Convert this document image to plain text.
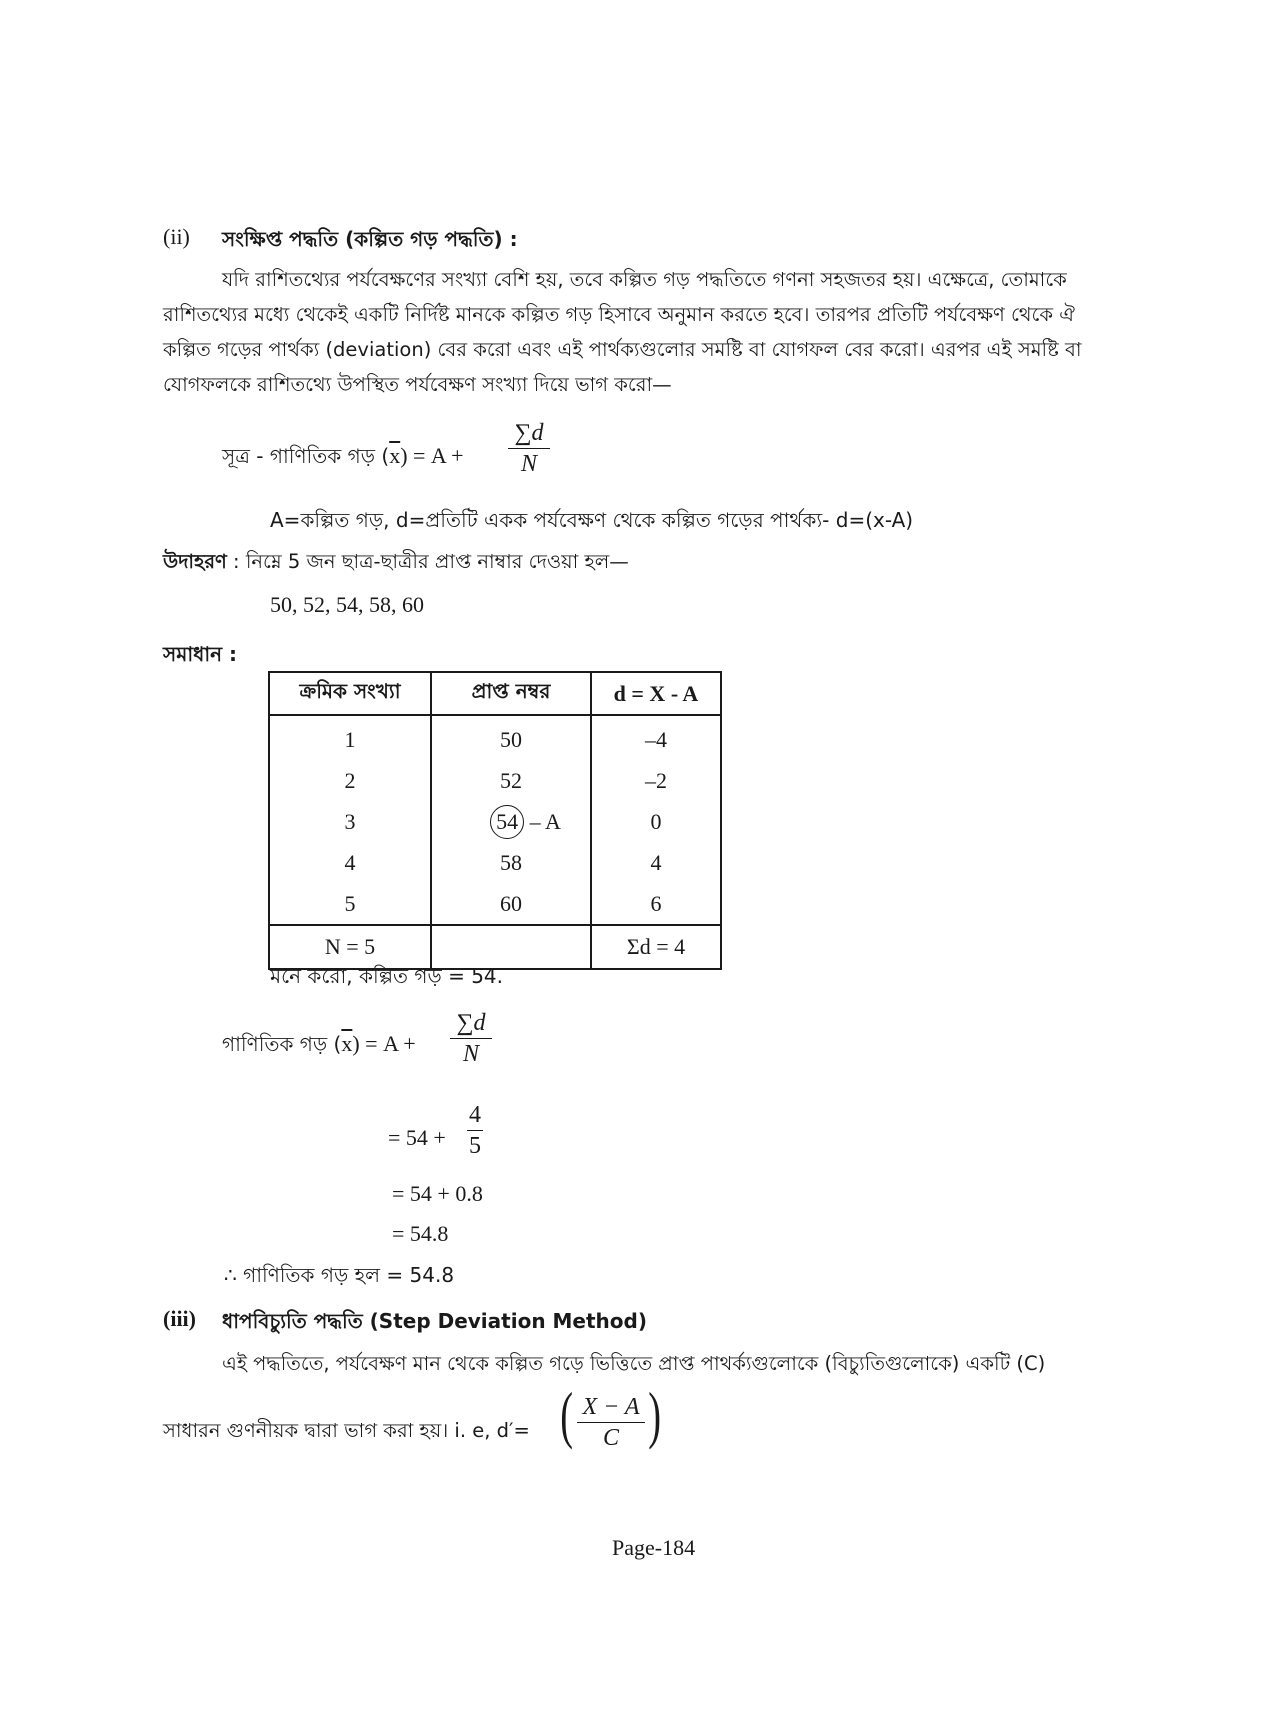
(ii) সংক্ষিপ্ত পদ্ধতি (কল্পিত গড় পদ্ধতি) :
যদি রাশিতথ্যের পর্যবেক্ষণের সংখ্যা বেশি হয়, তবে কল্পিত গড় পদ্ধতিতে গণনা সহজতর হয়। এক্ষেত্রে, তোমাকে
রাশিতথ্যের মধ্যে থেকেই একটি নির্দিষ্ট মানকে কল্পিত গড় হিসাবে অনুমান করতে হবে। তারপর প্রতিটি পর্যবেক্ষণ থেকে ঐ
কল্পিত গড়ের পার্থক্য (deviation) বের করো এবং এই পার্থক্যগুলোর সমষ্টি বা যোগফল বের করো। এরপর এই সমষ্টি বা
যোগফলকে রাশিতথ্যে উপস্থিত পর্যবেক্ষণ সংখ্যা দিয়ে ভাগ করো—
সূত্র - গাণিতিক গড় $(\overline{x}) = A$ +
∑d
N
A=কল্পিত গড়, d=প্রতিটি একক পর্যবেক্ষণ থেকে কল্পিত গড়ের পার্থক্য- d=(x-A)
উদাহরণ : নিম্নে 5 জন ছাত্র-ছাত্রীর প্রাপ্ত নাম্বার দেওয়া হল—
50, 52, 54, 58, 60
সমাধান :
ক্রমিক সংখ্যা	প্রাপ্ত নম্বর	d = X - A
1	50	–4
2	52	–2
3	54 – A	0
4	58	4
5	60	6
N = 5		Σd = 4
মনে করো, কল্পিত গড় = 54.
গাণিতিক গড় $(\overline{x}) = A$ +
∑d
N
= 54 +
4
5
= 54 + 0.8
= 54.8
∴ গাণিতিক গড় হল = 54.8
(iii) ধাপবিচ্যুতি পদ্ধতি (Step Deviation Method)
এই পদ্ধতিতে, পর্যবেক্ষণ মান থেকে কল্পিত গড়ে ভিত্তিতে প্রাপ্ত পাথর্ক্যগুলোকে (বিচ্যুতিগুলোকে) একটি (C)
সাধারন গুণনীয়ক দ্বারা ভাগ করা হয়। i. e, d′= ( X − A
C )
Page-184
